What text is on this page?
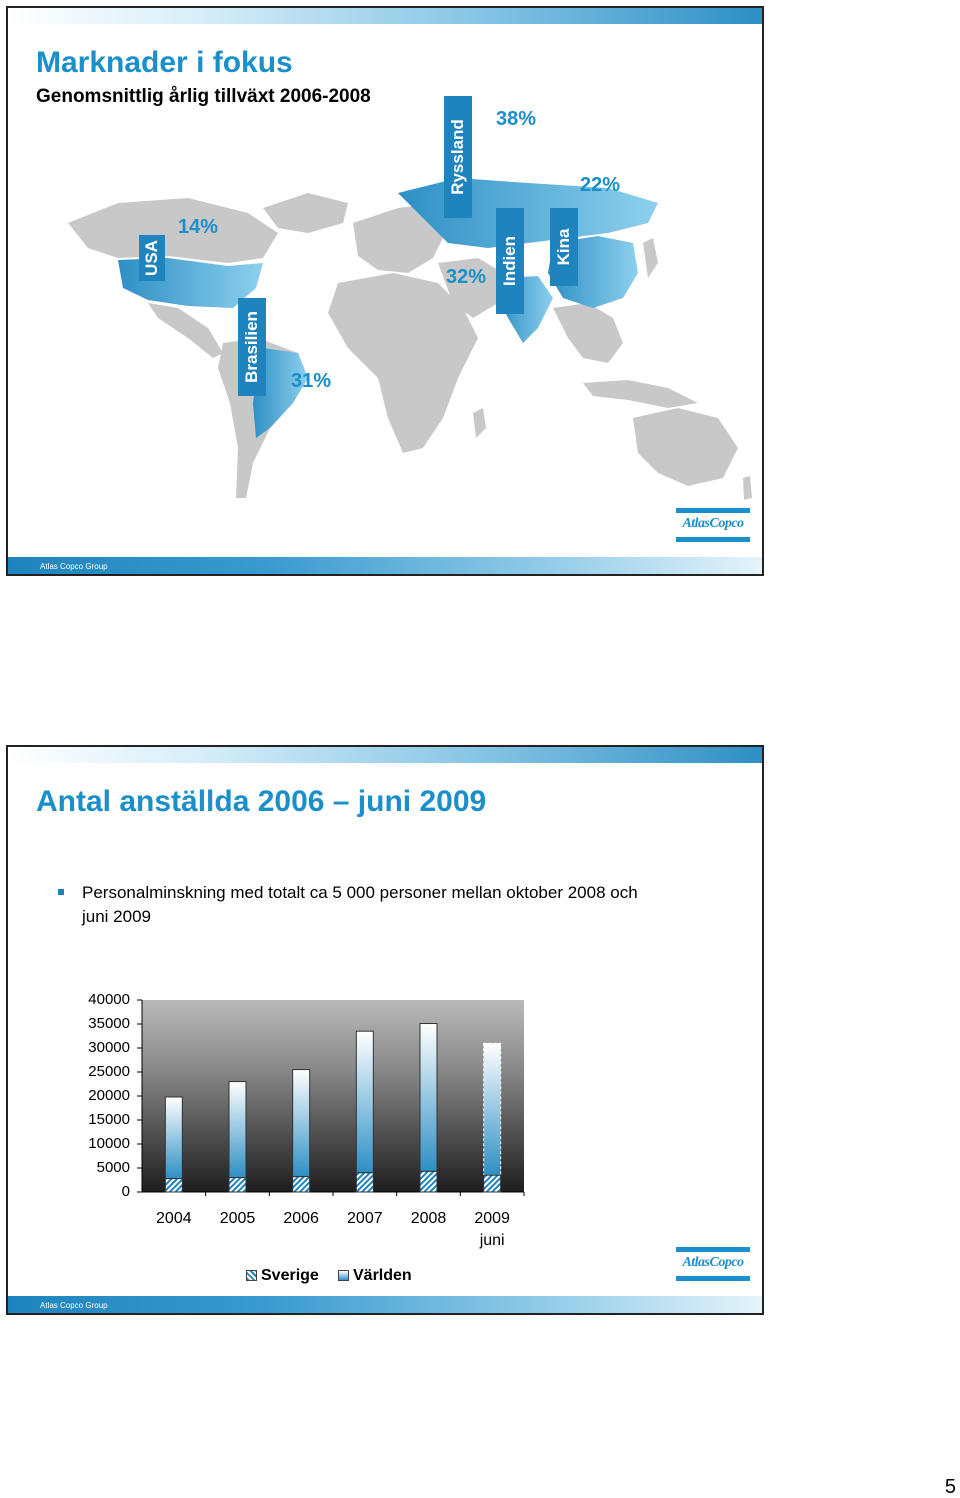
Marknader i fokus
Genomsnittlig årlig tillväxt 2006-2008
USA
14%
Brasilien 31%
Ryssland
38%
32% Indien Kina
22%
AtlasCopco
Atlas Copco Group
Antal anställda 2006 – juni 2009
Personalminskning med totalt ca 5 000 personer mellan oktober 2008 och juni 2009
40000
35000
30000
25000
20000
15000
10000
5000
0
2004	2005	2006	2007	2008	2009
juni
Sverige	Världen
AtlasCopco
Atlas Copco Group
5
